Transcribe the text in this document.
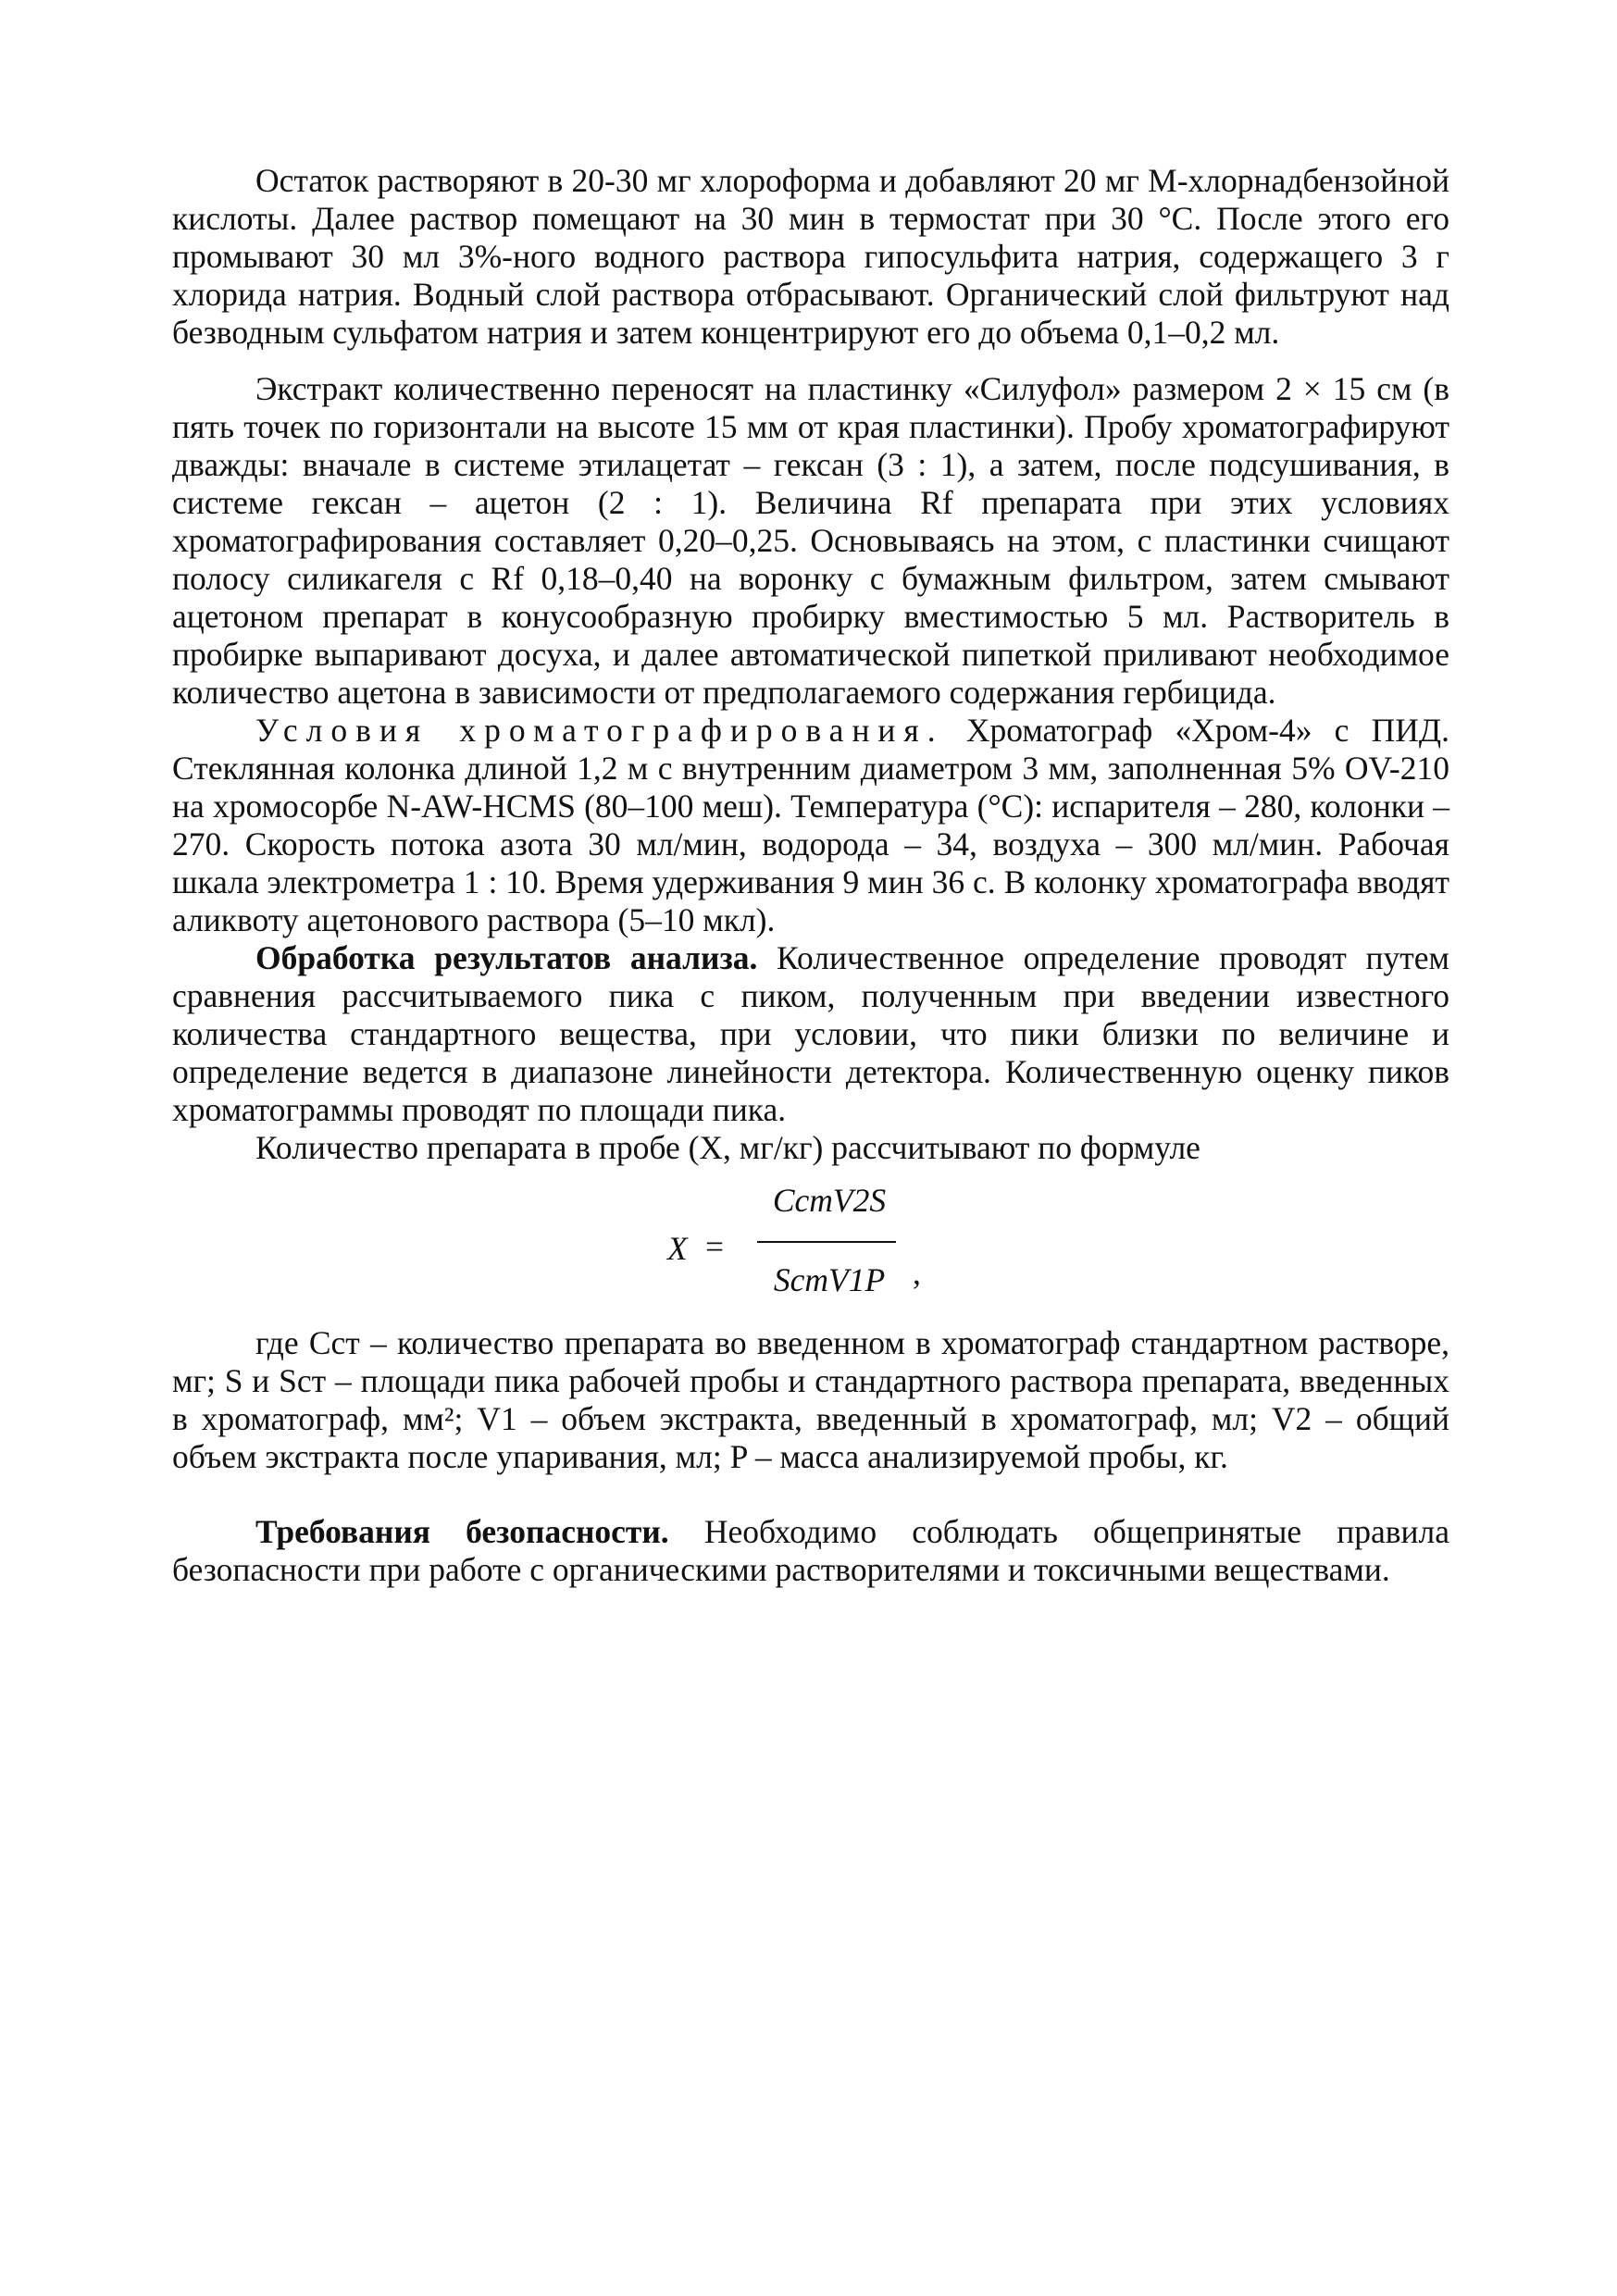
Остаток растворяют в 20-30 мг хлороформа и добавляют 20 мг M-хлорнадбензойной кислоты. Далее раствор помещают на 30 мин в термостат при 30 °С. После этого его промывают 30 мл 3%-ного водного раствора гипосульфита натрия, содержащего 3 г хлорида натрия. Водный слой раствора отбрасывают. Органический слой фильтруют над безводным сульфатом натрия и затем концентрируют его до объема 0,1–0,2 мл.

Экстракт количественно переносят на пластинку «Силуфол» размером 2 × 15 см (в пять точек по горизонтали на высоте 15 мм от края пластинки). Пробу хроматографируют дважды: вначале в системе этилацетат – гексан (3 : 1), а затем, после подсушивания, в системе гексан – ацетон (2 : 1). Величина Rf препарата при этих условиях хроматографирования составляет 0,20–0,25. Основываясь на этом, с пластинки счищают полосу силикагеля с Rf 0,18–0,40 на воронку с бумажным фильтром, затем смывают ацетоном препарат в конусообразную пробирку вместимостью 5 мл. Растворитель в пробирке выпаривают досуха, и далее автоматической пипеткой приливают необходимое количество ацетона в зависимости от предполагаемого содержания гербицида.

Условия хроматографирования. Хроматограф «Хром-4» с ПИД. Стеклянная колонка длиной 1,2 м с внутренним диаметром 3 мм, заполненная 5% OV-210 на хромосорбе N-AW-HCMS (80–100 меш). Температура (°С): испарителя – 280, колонки – 270. Скорость потока азота 30 мл/мин, водорода – 34, воздуха – 300 мл/мин. Рабочая шкала электрометра 1 : 10. Время удерживания 9 мин 36 с. В колонку хроматографа вводят аликвоту ацетонового раствора (5–10 мкл).

Обработка результатов анализа. Количественное определение проводят путем сравнения рассчитываемого пика с пиком, полученным при введении известного количества стандартного вещества, при условии, что пики близки по величине и определение ведется в диапазоне линейности детектора. Количественную оценку пиков хроматограммы проводят по площади пика.

Количество препарата в пробе (X, мг/кг) рассчитывают по формуле

X =
CстV2S
SстV1P ,

где Cст – количество препарата во введенном в хроматограф стандартном растворе, мг; S и Sст – площади пика рабочей пробы и стандартного раствора препарата, введенных в хроматограф, мм²; V1 – объем экстракта, введенный в хроматограф, мл; V2 – общий объем экстракта после упаривания, мл; P – масса анализируемой пробы, кг.

Требования безопасности. Необходимо соблюдать общепринятые правила безопасности при работе с органическими растворителями и токсичными веществами.
